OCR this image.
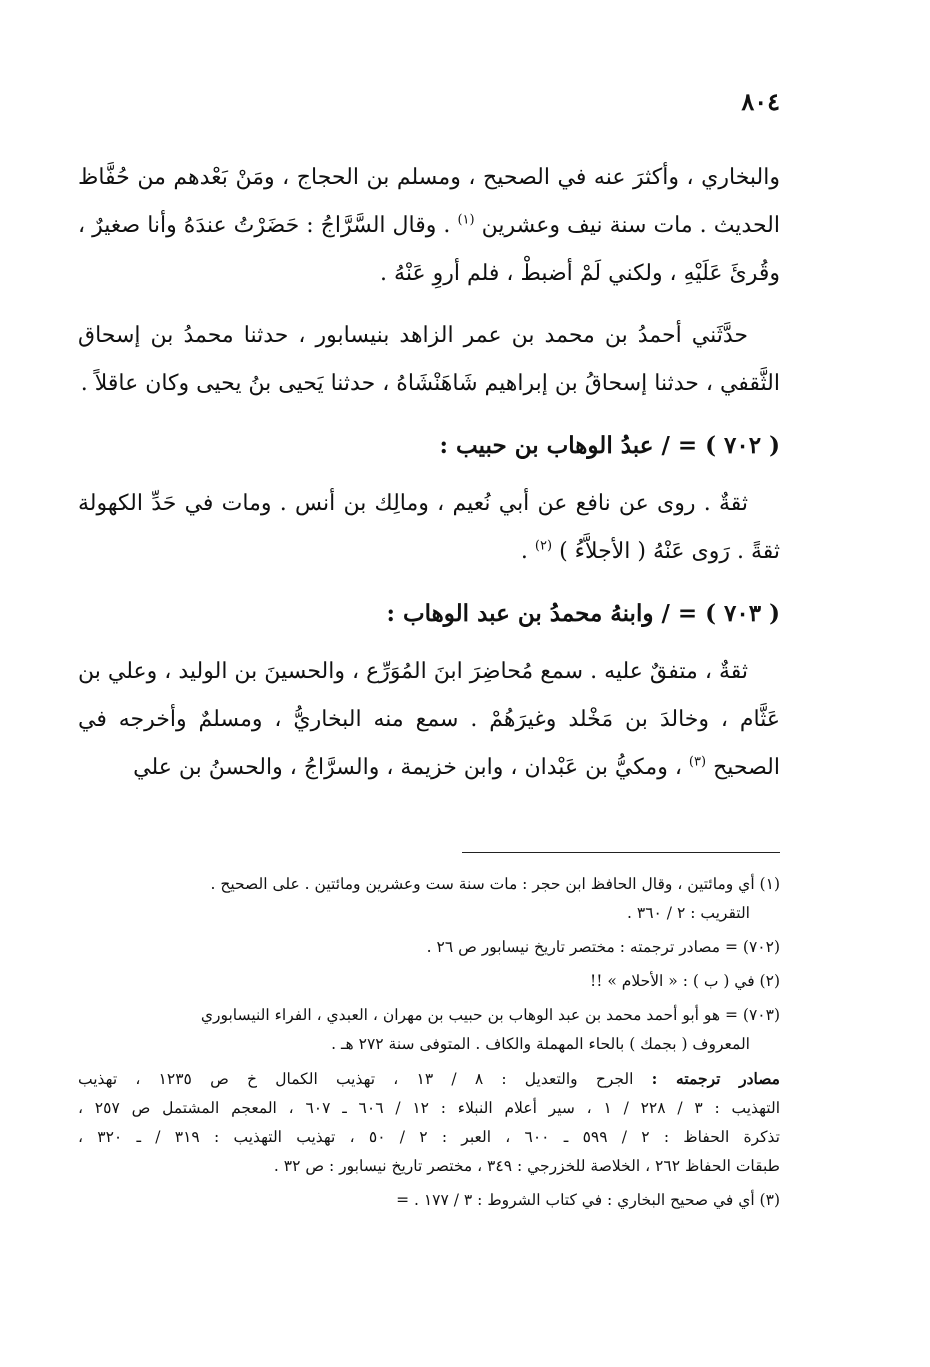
٨٠٤

والبخاري ، وأكثرَ عنه في الصحيح ، ومسلم بن الحجاج ، ومَنْ بَعْدهم من حُفَّاظ الحديث . مات سنة نيف وعشرين $^{(١)}$ . وقال السَّرَّاجُ : حَضَرْتُ عندَهُ وأنا صغيرٌ ، وقُرئَ عَلَيْهِ ، ولكني لَمْ أضبطْ ، فلم أروِ عَنْهُ .

حدَّثَني أحمدُ بن محمد بن عمر الزاهد بنيسابور ، حدثنا محمدُ بن إسحاق الثَّقفي ، حدثنا إسحاقُ بن إبراهيم شَاهَنْشَاهُ ، حدثنا يَحيى بنُ يحيى وكان عاقلاً .

( ٧٠٢ ) = / عبدُ الوهاب بن حبيب :

ثقةٌ . روى عن نافع عن أبي نُعيم ، ومالِك بن أنس . ومات في حَدِّ الكهولة ثقةً . رَوى عَنْهُ ( الأجلاَّءُ ) $^{(٢)}$ .

( ٧٠٣ ) = / وابنهُ محمدُ بن عبد الوهاب :

ثقةٌ ، متفقٌ عليه . سمع مُحاضِرَ ابنَ المُوَرِّع ، والحسينَ بن الوليد ، وعلي بن عَثَّام ، وخالدَ بن مَخْلد وغيرَهُمْ . سمع منه البخاريُّ ، ومسلمٌ وأخرجه في الصحيح $^{(٣)}$ ، ومكيُّ بن عَبْدان ، وابن خزيمة ، والسرَّاجُ ، والحسنُ بن علي

(١) أي ومائتين ، وقال الحافظ ابن حجر : مات سنة ست وعشرين ومائتين . على الصحيح .

التقريب : ٢ / ٣٦٠ .

(٧٠٢) = مصادر ترجمته : مختصر تاريخ نيسابور ص ٢٦ .

(٢) في ( ب ) : « الأحلام » !!

(٧٠٣) = هو أبو أحمد محمد بن عبد الوهاب بن حبيب بن مهران ، العبدي ، الفراء النيسابوري

المعروف ( بجمك ) بالحاء المهملة والكاف . المتوفى سنة ٢٧٢ هـ .

مصادر ترجمته : الجرح والتعديل : ٨ / ١٣ ، تهذيب الكمال خ ص ١٢٣٥ ، تهذيب
التهذيب : ٣ / ٢٢٨ / ١ ، سير أعلام النبلاء : ١٢ / ٦٠٦ ـ ٦٠٧ ، المعجم المشتمل ص ٢٥٧ ،
تذكرة الحفاظ : ٢ / ٥٩٩ ـ ٦٠٠ ، العبر : ٢ / ٥٠ ، تهذيب التهذيب : ٣١٩ / ـ ٣٢٠ ،
طبقات الحفاظ ٢٦٢ ، الخلاصة للخزرجي : ٣٤٩ ، مختصر تاريخ نيسابور : ص ٣٢ .

(٣) أي في صحيح البخاري : في كتاب الشروط : ٣ / ١٧٧ . =
